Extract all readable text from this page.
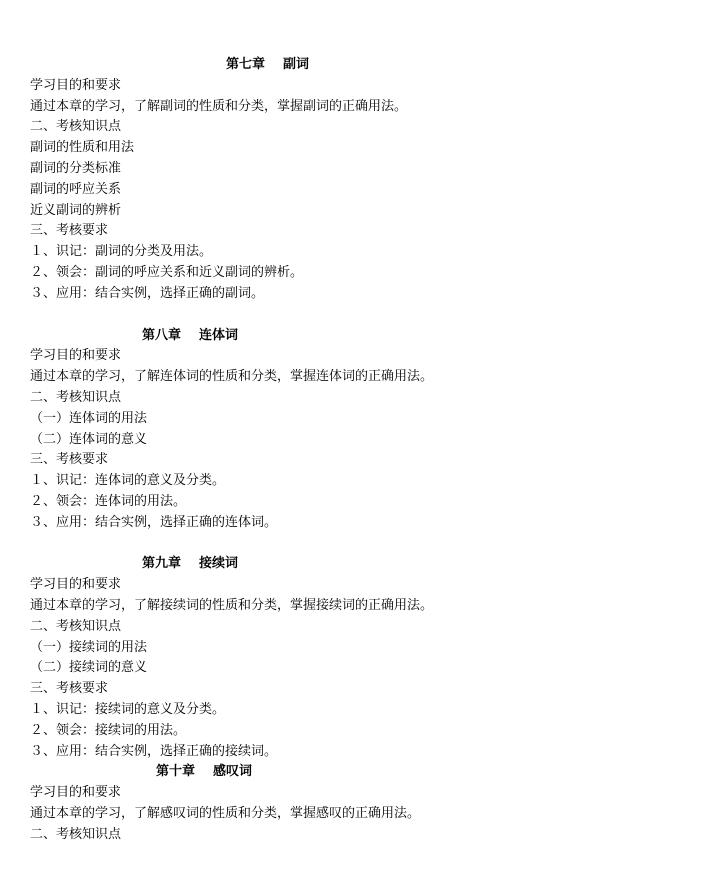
第七章 副词
学习目的和要求
通过本章的学习，了解副词的性质和分类，掌握副词的正确用法。
二、考核知识点
副词的性质和用法
副词的分类标准
副词的呼应关系
近义副词的辨析
三、考核要求
１、识记：副词的分类及用法。
２、领会：副词的呼应关系和近义副词的辨析。
３、应用：结合实例，选择正确的副词。
第八章 连体词
学习目的和要求
通过本章的学习，了解连体词的性质和分类，掌握连体词的正确用法。
二、考核知识点
（一）连体词的用法
（二）连体词的意义
三、考核要求
１、识记：连体词的意义及分类。
２、领会：连体词的用法。
３、应用：结合实例，选择正确的连体词。
第九章 接续词
学习目的和要求
通过本章的学习，了解接续词的性质和分类，掌握接续词的正确用法。
二、考核知识点
（一）接续词的用法
（二）接续词的意义
三、考核要求
１、识记：接续词的意义及分类。
２、领会：接续词的用法。
３、应用：结合实例，选择正确的接续词。
第十章 感叹词
学习目的和要求
通过本章的学习，了解感叹词的性质和分类，掌握感叹的正确用法。
二、考核知识点
